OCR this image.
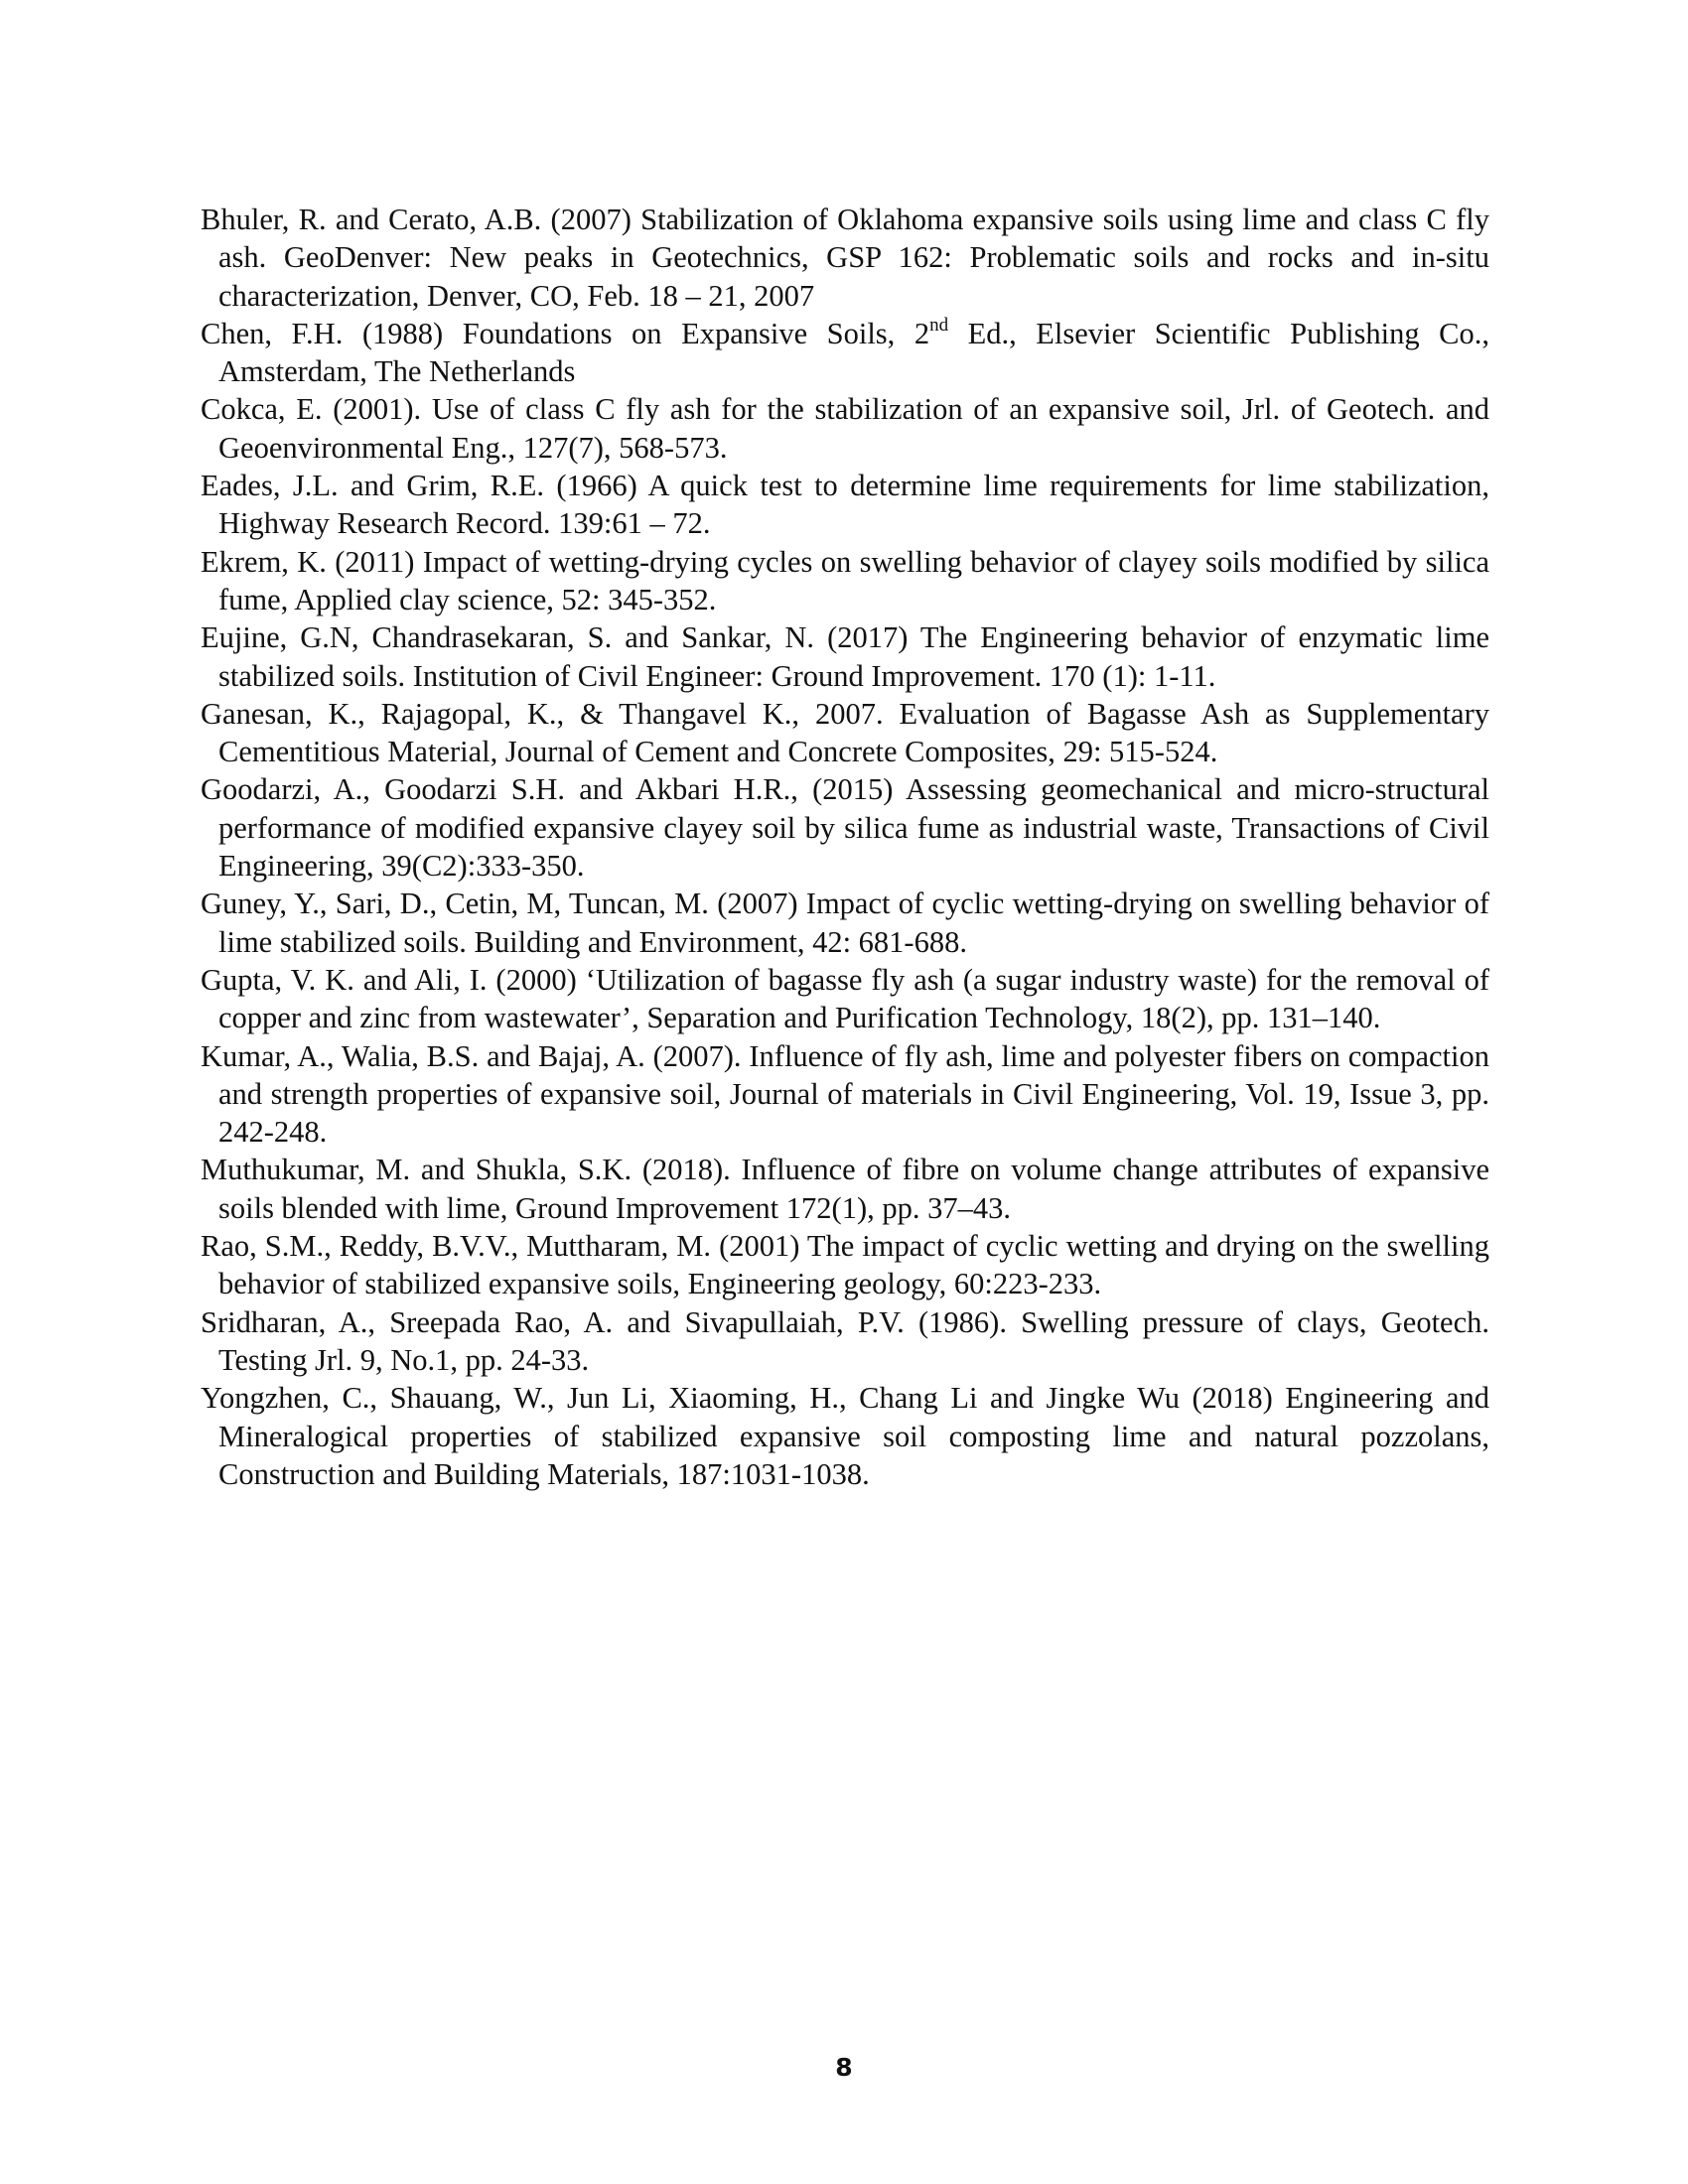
Bhuler, R. and Cerato, A.B. (2007) Stabilization of Oklahoma expansive soils using lime and class C fly ash. GeoDenver: New peaks in Geotechnics, GSP 162: Problematic soils and rocks and in-situ characterization, Denver, CO, Feb. 18 – 21, 2007
Chen, F.H. (1988) Foundations on Expansive Soils, 2nd Ed., Elsevier Scientific Publishing Co., Amsterdam, The Netherlands
Cokca, E. (2001). Use of class C fly ash for the stabilization of an expansive soil, Jrl. of Geotech. and Geoenvironmental Eng., 127(7), 568-573.
Eades, J.L. and Grim, R.E. (1966) A quick test to determine lime requirements for lime stabilization, Highway Research Record. 139:61 – 72.
Ekrem, K. (2011) Impact of wetting-drying cycles on swelling behavior of clayey soils modified by silica fume, Applied clay science, 52: 345-352.
Eujine, G.N, Chandrasekaran, S. and Sankar, N. (2017) The Engineering behavior of enzymatic lime stabilized soils. Institution of Civil Engineer: Ground Improvement. 170 (1): 1-11.
Ganesan, K., Rajagopal, K., & Thangavel K., 2007. Evaluation of Bagasse Ash as Supplementary Cementitious Material, Journal of Cement and Concrete Composites, 29: 515-524.
Goodarzi, A., Goodarzi S.H. and Akbari H.R., (2015) Assessing geomechanical and micro-structural performance of modified expansive clayey soil by silica fume as industrial waste, Transactions of Civil Engineering, 39(C2):333-350.
Guney, Y., Sari, D., Cetin, M, Tuncan, M. (2007) Impact of cyclic wetting-drying on swelling behavior of lime stabilized soils. Building and Environment, 42: 681-688.
Gupta, V. K. and Ali, I. (2000) ‘Utilization of bagasse fly ash (a sugar industry waste) for the removal of copper and zinc from wastewater’, Separation and Purification Technology, 18(2), pp. 131–140.
Kumar, A., Walia, B.S. and Bajaj, A. (2007). Influence of fly ash, lime and polyester fibers on compaction and strength properties of expansive soil, Journal of materials in Civil Engineering, Vol. 19, Issue 3, pp. 242-248.
Muthukumar, M. and Shukla, S.K. (2018). Influence of fibre on volume change attributes of expansive soils blended with lime, Ground Improvement 172(1), pp. 37–43.
Rao, S.M., Reddy, B.V.V., Muttharam, M. (2001) The impact of cyclic wetting and drying on the swelling behavior of stabilized expansive soils, Engineering geology, 60:223-233.
Sridharan, A., Sreepada Rao, A. and Sivapullaiah, P.V. (1986). Swelling pressure of clays, Geotech. Testing Jrl. 9, No.1, pp. 24-33.
Yongzhen, C., Shauang, W., Jun Li, Xiaoming, H., Chang Li and Jingke Wu (2018) Engineering and Mineralogical properties of stabilized expansive soil composting lime and natural pozzolans, Construction and Building Materials, 187:1031-1038.
8
